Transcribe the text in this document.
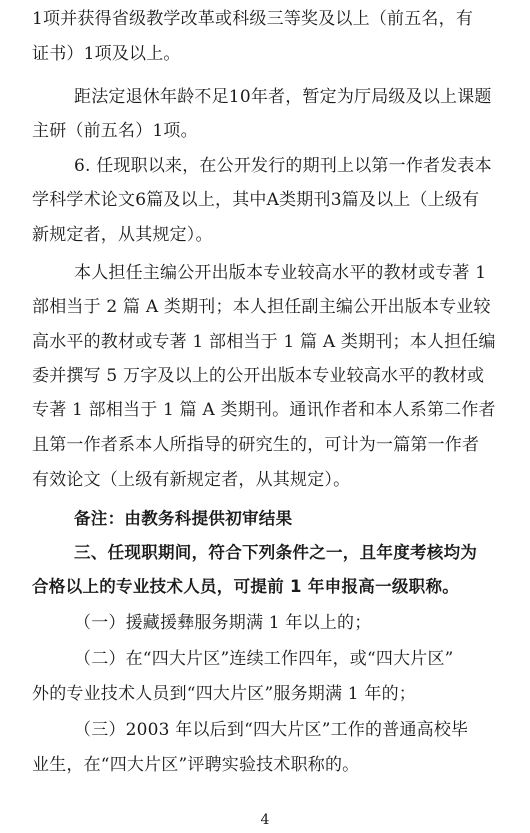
1项并获得省级教学改革或科级三等奖及以上（前五名，有
证书）1项及以上。
距法定退休年龄不足10年者，暂定为厅局级及以上课题
主研（前五名）1项。
6. 任现职以来，在公开发行的期刊上以第一作者发表本
学科学术论文6篇及以上，其中A类期刊3篇及以上（上级有
新规定者，从其规定）。
本人担任主编公开出版本专业较高水平的教材或专著 1
部相当于 2 篇 A 类期刊；本人担任副主编公开出版本专业较
高水平的教材或专著 1 部相当于 1 篇 A 类期刊；本人担任编
委并撰写 5 万字及以上的公开出版本专业较高水平的教材或
专著 1 部相当于 1 篇 A 类期刊。通讯作者和本人系第二作者
且第一作者系本人所指导的研究生的，可计为一篇第一作者
有效论文（上级有新规定者，从其规定）。
备注：由教务科提供初审结果
三、任现职期间，符合下列条件之一，且年度考核均为
合格以上的专业技术人员，可提前 1 年申报高一级职称。
（一）援藏援彝服务期满 1 年以上的；
（二）在“四大片区”连续工作四年，或“四大片区”
外的专业技术人员到“四大片区”服务期满 1 年的；
（三）2003 年以后到“四大片区”工作的普通高校毕
业生，在“四大片区”评聘实验技术职称的。
4
